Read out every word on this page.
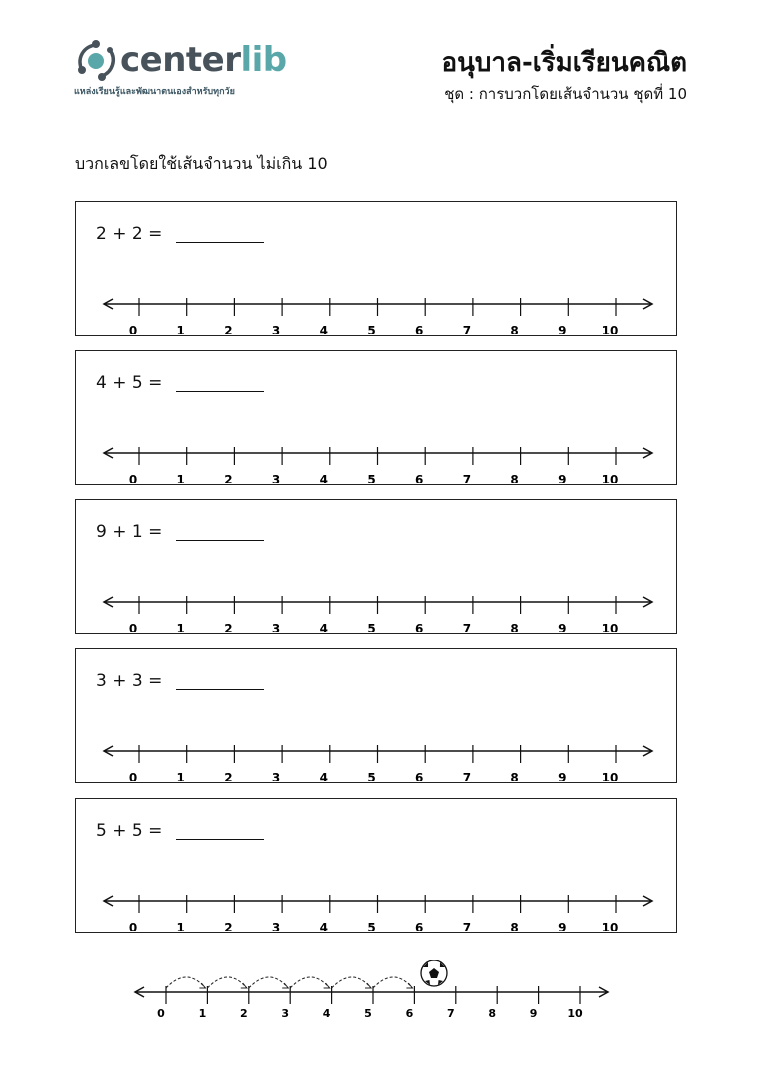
centerlib
แหล่งเรียนรู้และพัฒนาตนเองสำหรับทุกวัย
อนุบาล-เริ่มเรียนคณิต
ชุด : การบวกโดยเส้นจำนวน ชุดที่ 10
บวกเลขโดยใช้เส้นจำนวน ไม่เกิน 10
2 + 2 =
0	1	2	3	4	5	6	7	8	9	10
4 + 5 =
0	1	2	3	4	5	6	7	8	9	10
9 + 1 =
0	1	2	3	4	5	6	7	8	9	10
3 + 3 =
0	1	2	3	4	5	6	7	8	9	10
5 + 5 =
0	1	2	3	4	5	6	7	8	9	10
0	1	2	3	4	5	6	7	8	9	10
